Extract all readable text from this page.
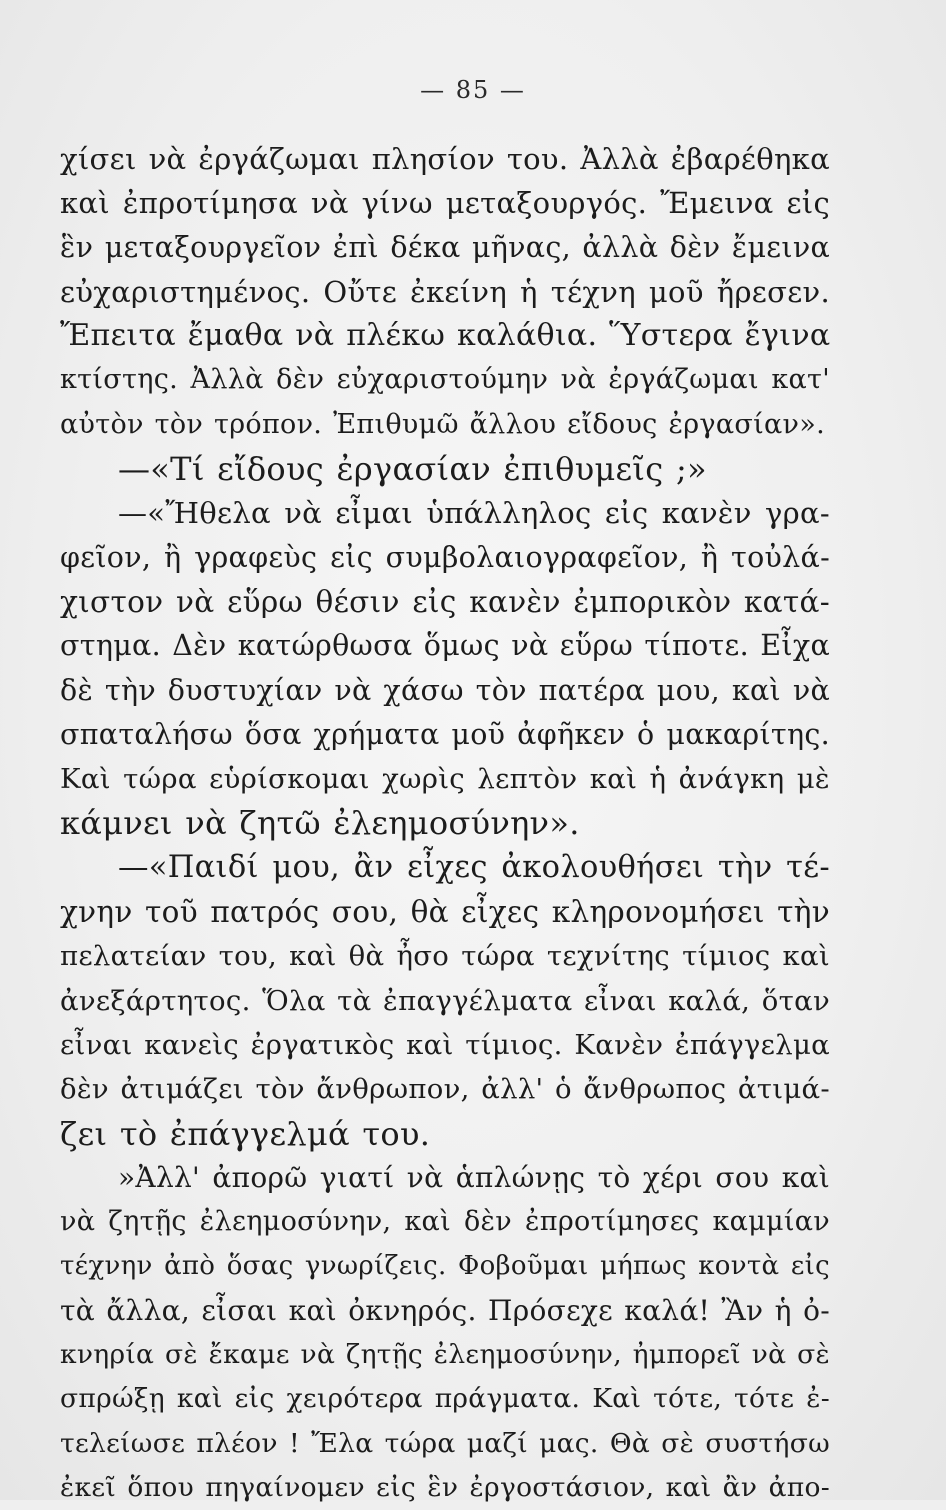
— 85 —
χίσει νὰ ἐργάζωμαι πλησίον του. Ἀλλὰ ἐβαρέθηκα
καὶ ἐπροτίμησα νὰ γίνω μεταξουργός. Ἔμεινα εἰς
ἓν μεταξουργεῖον ἐπὶ δέκα μῆνας, ἀλλὰ δὲν ἔμεινα
εὐχαριστημένος. Οὔτε ἐκείνη ἡ τέχνη μοῦ ἤρεσεν.
Ἔπειτα ἔμαθα νὰ πλέκω καλάθια. Ὕστερα ἔγινα
κτίστης. Ἀλλὰ δὲν εὐχαριστούμην νὰ ἐργάζωμαι κατ'
αὐτὸν τὸν τρόπον. Ἐπιθυμῶ ἄλλου εἴδους ἐργασίαν».
—«Τί εἴδους ἐργασίαν ἐπιθυμεῖς ;»
—«Ἤθελα νὰ εἶμαι ὑπάλληλος εἰς κανὲν γρα-
φεῖον, ἢ γραφεὺς εἰς συμβολαιογραφεῖον, ἢ τοὐλά-
χιστον νὰ εὕρω θέσιν εἰς κανὲν ἐμπορικὸν κατά-
στημα. Δὲν κατώρθωσα ὅμως νὰ εὕρω τίποτε. Εἶχα
δὲ τὴν δυστυχίαν νὰ χάσω τὸν πατέρα μου, καὶ νὰ
σπαταλήσω ὅσα χρήματα μοῦ ἀφῆκεν ὁ μακαρίτης.
Καὶ τώρα εὑρίσκομαι χωρὶς λεπτὸν καὶ ἡ ἀνάγκη μὲ
κάμνει νὰ ζητῶ ἐλεημοσύνην».
—«Παιδί μου, ἂν εἶχες ἀκολουθήσει τὴν τέ-
χνην τοῦ πατρός σου, θὰ εἶχες κληρονομήσει τὴν
πελατείαν του, καὶ θὰ ἦσο τώρα τεχνίτης τίμιος καὶ
ἀνεξάρτητος. Ὅλα τὰ ἐπαγγέλματα εἶναι καλά, ὅταν
εἶναι κανεὶς ἐργατικὸς καὶ τίμιος. Κανὲν ἐπάγγελμα
δὲν ἀτιμάζει τὸν ἄνθρωπον, ἀλλ' ὁ ἄνθρωπος ἀτιμά-
ζει τὸ ἐπάγγελμά του.
»Ἀλλ' ἀπορῶ γιατί νὰ ἁπλώνῃς τὸ χέρι σου καὶ
νὰ ζητῇς ἐλεημοσύνην, καὶ δὲν ἐπροτίμησες καμμίαν
τέχνην ἀπὸ ὅσας γνωρίζεις. Φοβοῦμαι μήπως κοντὰ εἰς
τὰ ἄλλα, εἶσαι καὶ ὀκνηρός. Πρόσεχε καλά! Ἂν ἡ ὀ-
κνηρία σὲ ἔκαμε νὰ ζητῇς ἐλεημοσύνην, ἠμπορεῖ νὰ σὲ
σπρώξῃ καὶ εἰς χειρότερα πράγματα. Καὶ τότε, τότε ἐ-
τελείωσε πλέον ! Ἔλα τώρα μαζί μας. Θὰ σὲ συστήσω
ἐκεῖ ὅπου πηγαίνομεν εἰς ἓν ἐργοστάσιον, καὶ ἂν ἀπο-
